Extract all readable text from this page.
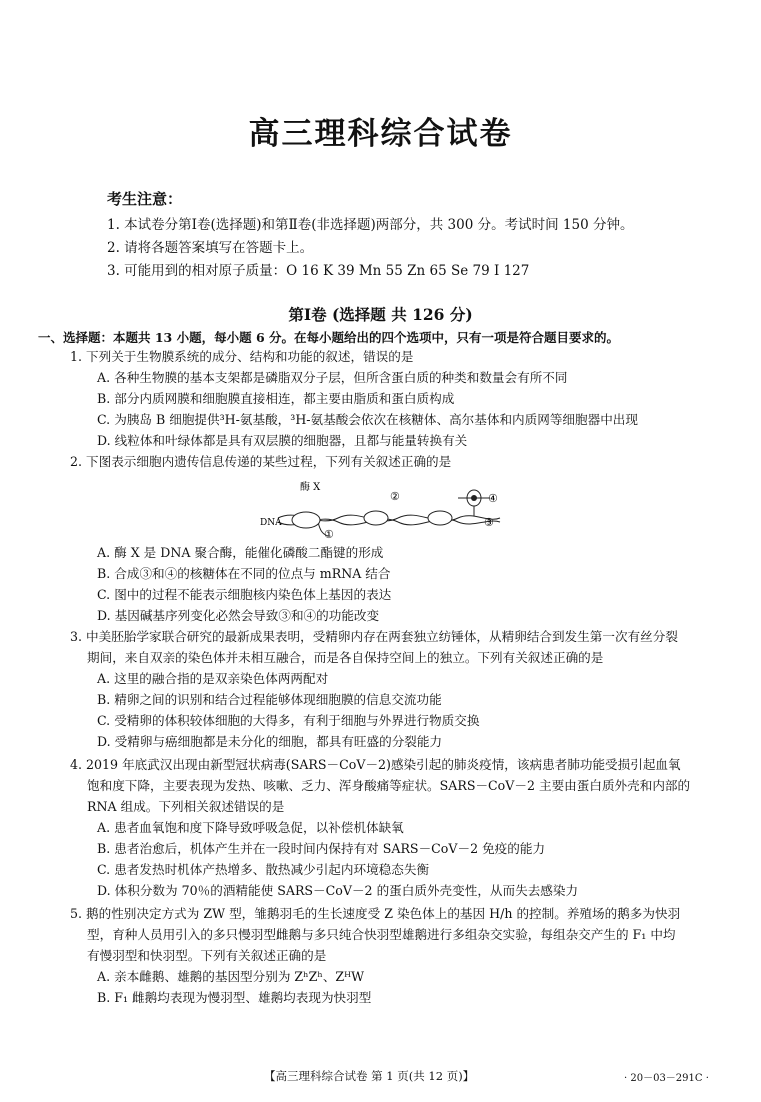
高三理科综合试卷
考生注意：
1. 本试卷分第Ⅰ卷(选择题)和第Ⅱ卷(非选择题)两部分，共 300 分。考试时间 150 分钟。
2. 请将各题答案填写在答题卡上。
3. 可能用到的相对原子质量：O 16 K 39 Mn 55 Zn 65 Se 79 I 127
第Ⅰ卷 (选择题 共 126 分)
一、选择题：本题共 13 小题，每小题 6 分。在每小题给出的四个选项中，只有一项是符合题目要求的。
1. 下列关于生物膜系统的成分、结构和功能的叙述，错误的是
A. 各种生物膜的基本支架都是磷脂双分子层，但所含蛋白质的种类和数量会有所不同
B. 部分内质网膜和细胞膜直接相连，都主要由脂质和蛋白质构成
C. 为胰岛 B 细胞提供³H-氨基酸，³H-氨基酸会依次在核糖体、高尔基体和内质网等细胞器中出现
D. 线粒体和叶绿体都是具有双层膜的细胞器，且都与能量转换有关
2. 下图表示细胞内遗传信息传递的某些过程，下列有关叙述正确的是
酶 X
DNA
①
②
③
④
A. 酶 X 是 DNA 聚合酶，能催化磷酸二酯键的形成
B. 合成③和④的核糖体在不同的位点与 mRNA 结合
C. 图中的过程不能表示细胞核内染色体上基因的表达
D. 基因碱基序列变化必然会导致③和④的功能改变
3. 中美胚胎学家联合研究的最新成果表明，受精卵内存在两套独立纺锤体，从精卵结合到发生第一次有丝分裂
期间，来自双亲的染色体并未相互融合，而是各自保持空间上的独立。下列有关叙述正确的是
A. 这里的融合指的是双亲染色体两两配对
B. 精卵之间的识别和结合过程能够体现细胞膜的信息交流功能
C. 受精卵的体积较体细胞的大得多，有利于细胞与外界进行物质交换
D. 受精卵与癌细胞都是未分化的细胞，都具有旺盛的分裂能力
4. 2019 年底武汉出现由新型冠状病毒(SARS－CoV－2)感染引起的肺炎疫情，该病患者肺功能受损引起血氧
饱和度下降，主要表现为发热、咳嗽、乏力、浑身酸痛等症状。SARS－CoV－2 主要由蛋白质外壳和内部的
RNA 组成。下列相关叙述错误的是
A. 患者血氧饱和度下降导致呼吸急促，以补偿机体缺氧
B. 患者治愈后，机体产生并在一段时间内保持有对 SARS－CoV－2 免疫的能力
C. 患者发热时机体产热增多、散热减少引起内环境稳态失衡
D. 体积分数为 70％的酒精能使 SARS－CoV－2 的蛋白质外壳变性，从而失去感染力
5. 鹅的性别决定方式为 ZW 型，雏鹅羽毛的生长速度受 Z 染色体上的基因 H/h 的控制。养殖场的鹅多为快羽
型，育种人员用引入的多只慢羽型雌鹅与多只纯合快羽型雄鹅进行多组杂交实验，每组杂交产生的 F₁ 中均
有慢羽型和快羽型。下列有关叙述正确的是
A. 亲本雌鹅、雄鹅的基因型分别为 ZʰZʰ、ZᴴW
B. F₁ 雌鹅均表现为慢羽型、雄鹅均表现为快羽型
【高三理科综合试卷 第 1 页(共 12 页)】	· 20－03－291C ·
